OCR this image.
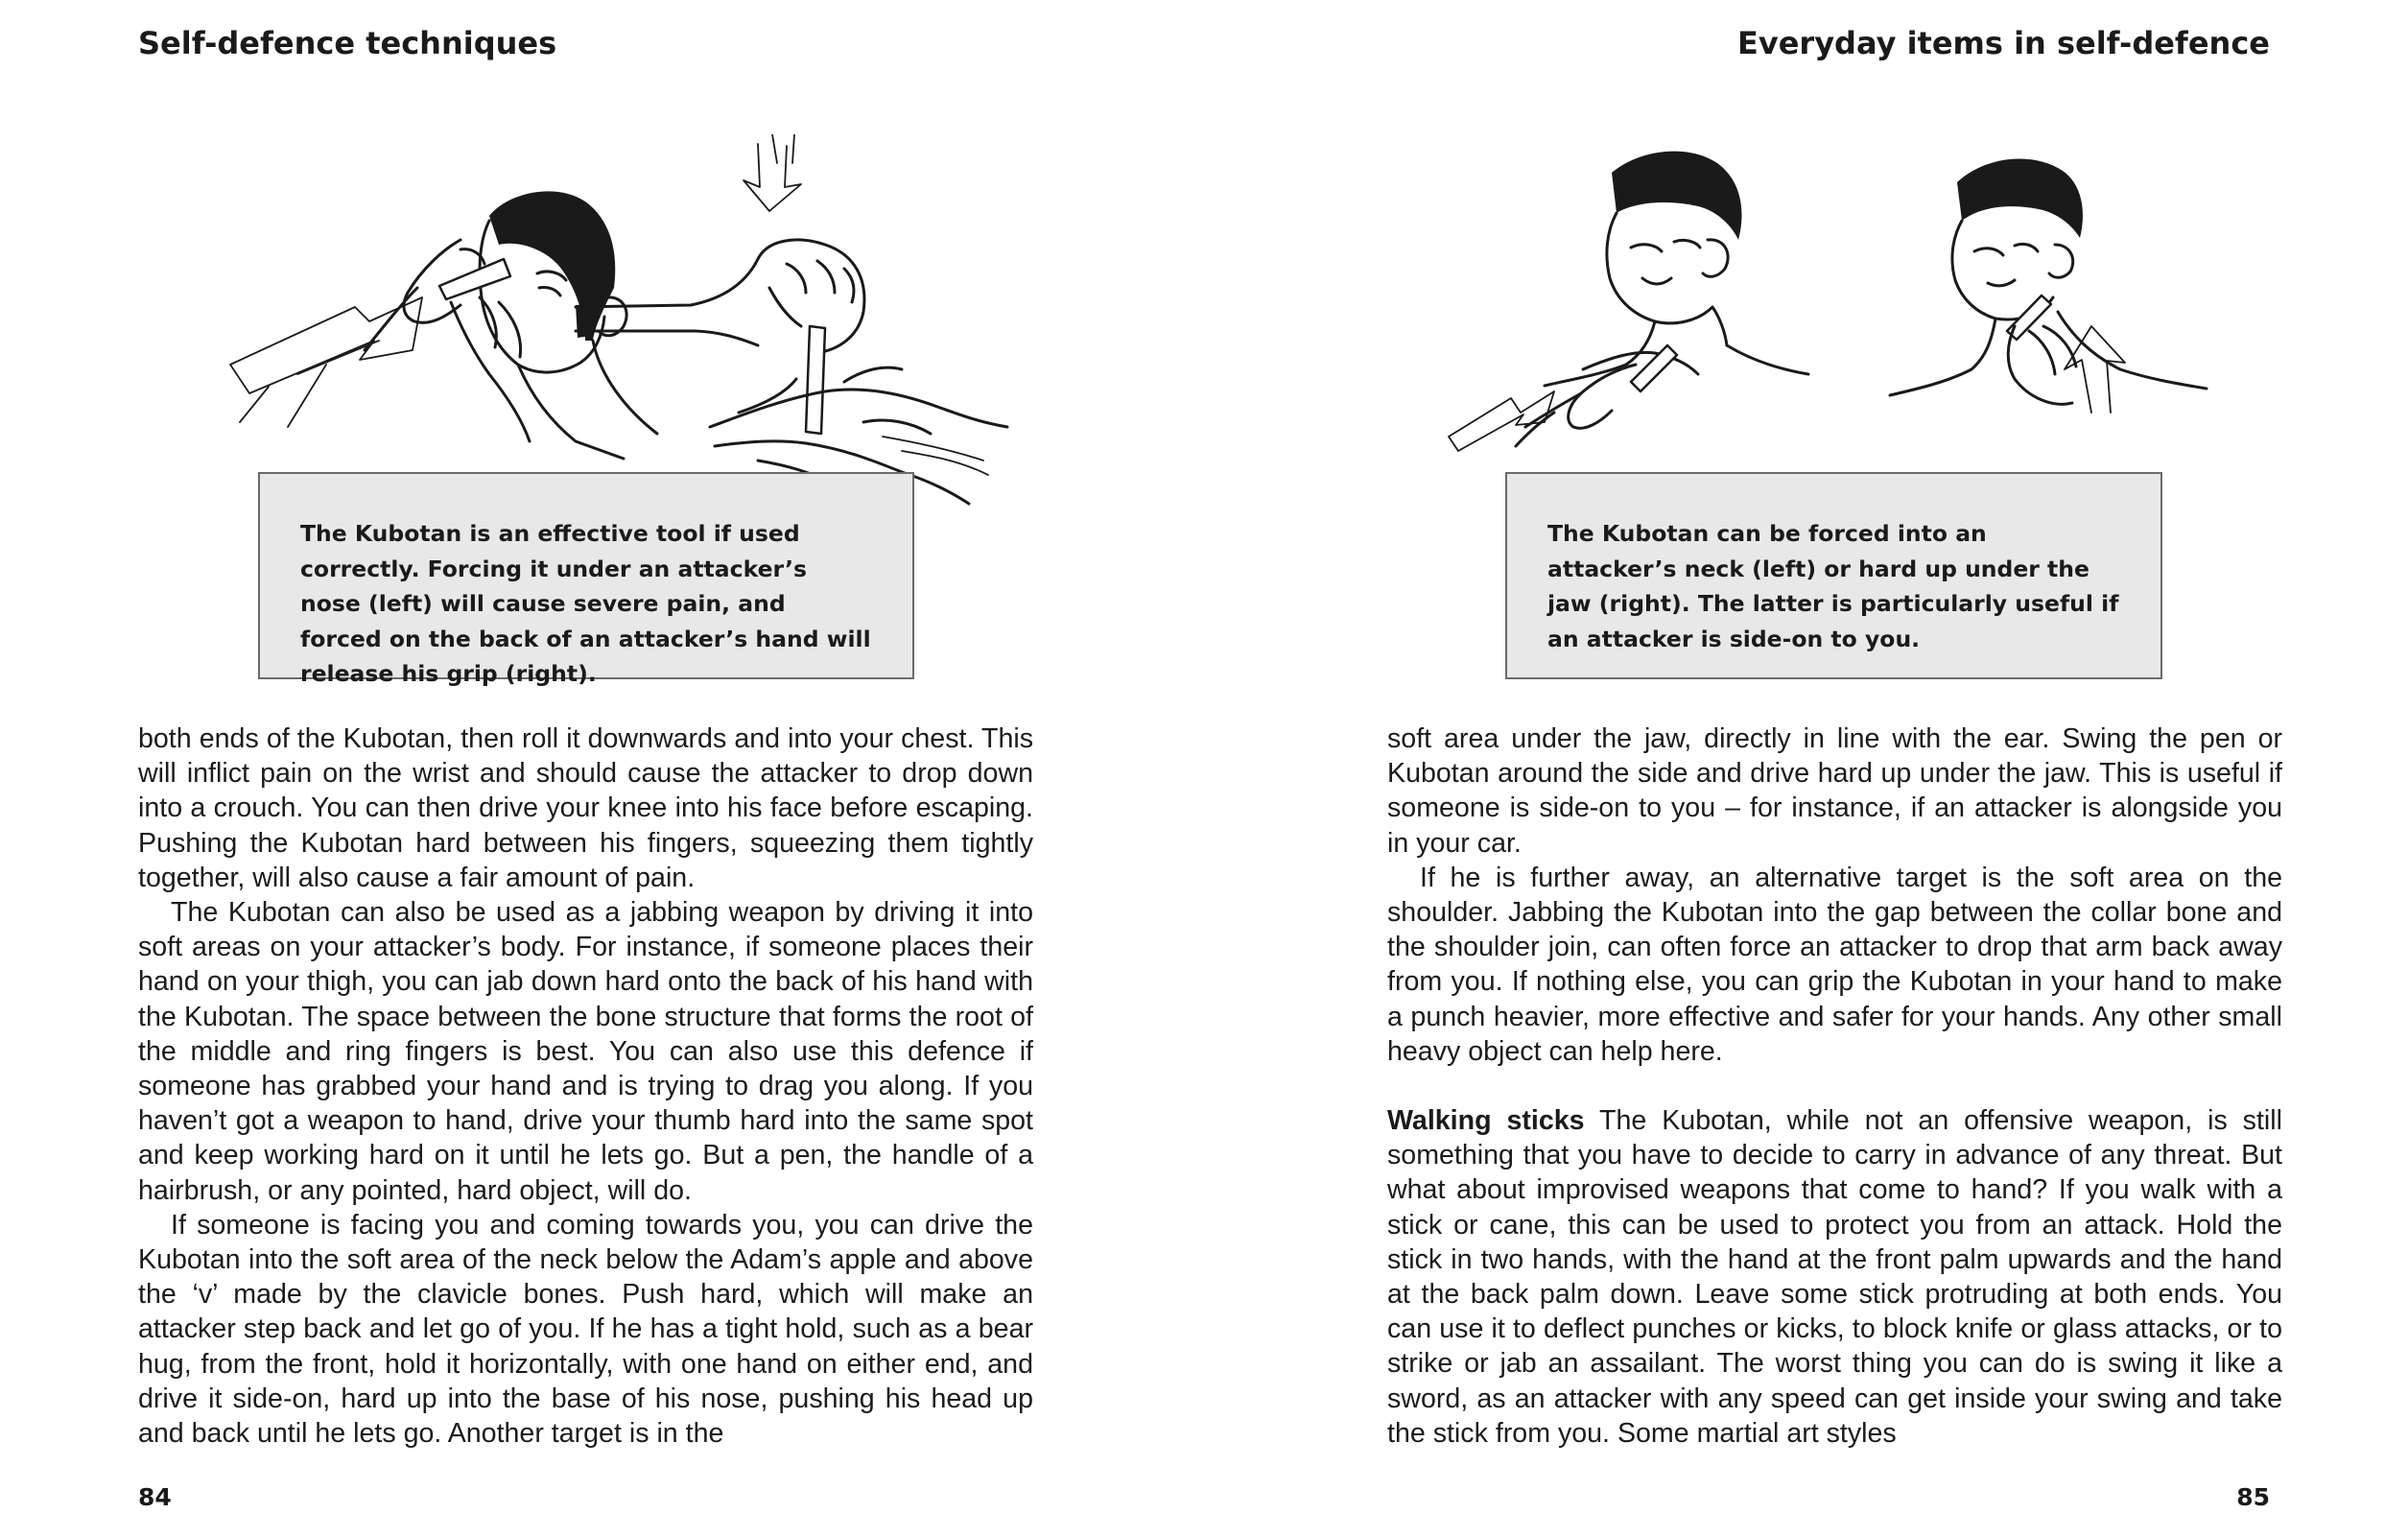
Self-defence techniques

The Kubotan is an effective tool if used correctly. Forcing it under an attacker’s nose (left) will cause severe pain, and forced on the back of an attacker’s hand will release his grip (right).

both ends of the Kubotan, then roll it downwards and into your chest. This will inflict pain on the wrist and should cause the attacker to drop down into a crouch. You can then drive your knee into his face before escaping. Pushing the Kubotan hard between his fingers, squeezing them tightly together, will also cause a fair amount of pain.

The Kubotan can also be used as a jabbing weapon by driving it into soft areas on your attacker’s body. For instance, if someone places their hand on your thigh, you can jab down hard onto the back of his hand with the Kubotan. The space between the bone structure that forms the root of the middle and ring fingers is best. You can also use this defence if someone has grabbed your hand and is trying to drag you along. If you haven’t got a weapon to hand, drive your thumb hard into the same spot and keep working hard on it until he lets go. But a pen, the handle of a hairbrush, or any pointed, hard object, will do.

If someone is facing you and coming towards you, you can drive the Kubotan into the soft area of the neck below the Adam’s apple and above the ‘v’ made by the clavicle bones. Push hard, which will make an attacker step back and let go of you. If he has a tight hold, such as a bear hug, from the front, hold it horizontally, with one hand on either end, and drive it side-on, hard up into the base of his nose, pushing his head up and back until he lets go. Another target is in the

84
Everyday items in self-defence

The Kubotan can be forced into an attacker’s neck (left) or hard up under the jaw (right). The latter is particularly useful if an attacker is side-on to you.

soft area under the jaw, directly in line with the ear. Swing the pen or Kubotan around the side and drive hard up under the jaw. This is useful if someone is side-on to you – for instance, if an attacker is alongside you in your car.

If he is further away, an alternative target is the soft area on the shoulder. Jabbing the Kubotan into the gap between the collar bone and the shoulder join, can often force an attacker to drop that arm back away from you. If nothing else, you can grip the Kubotan in your hand to make a punch heavier, more effective and safer for your hands. Any other small heavy object can help here.

Walking sticks The Kubotan, while not an offensive weapon, is still something that you have to decide to carry in advance of any threat. But what about improvised weapons that come to hand? If you walk with a stick or cane, this can be used to protect you from an attack. Hold the stick in two hands, with the hand at the front palm upwards and the hand at the back palm down. Leave some stick protruding at both ends. You can use it to deflect punches or kicks, to block knife or glass attacks, or to strike or jab an assailant. The worst thing you can do is swing it like a sword, as an attacker with any speed can get inside your swing and take the stick from you. Some martial art styles

85
